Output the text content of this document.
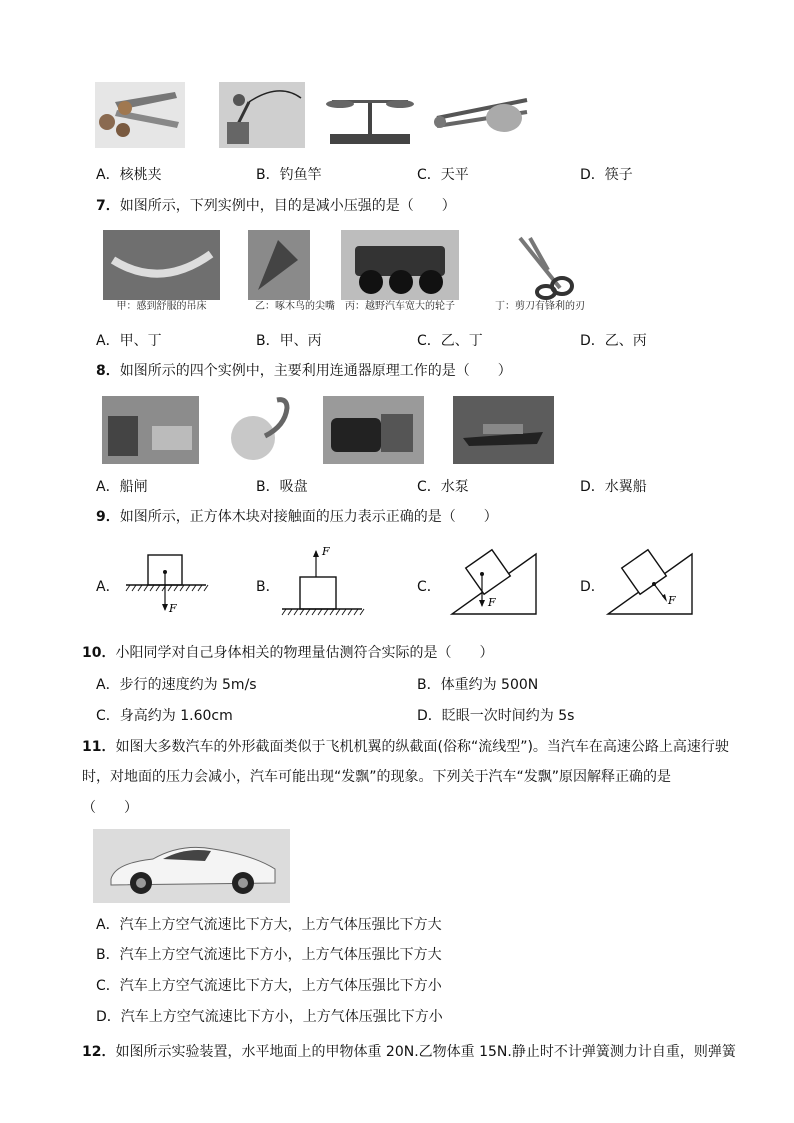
A．核桃夹	B．钓鱼竿	C．天平	D．筷子
7．如图所示，下列实例中，目的是减小压强的是（　　）
甲：感到舒服的吊床	乙：啄木鸟的尖嘴	丙：越野汽车宽大的轮子	丁：剪刀有锋利的刃
A．甲、丁	B．甲、丙	C．乙、丁	D．乙、丙
8．如图所示的四个实例中，主要利用连通器原理工作的是（　　）
A．船闸	B．吸盘	C．水泵	D．水翼船
9．如图所示，正方体木块对接触面的压力表示正确的是（　　）
A．
F
B．
F
C．
F
D．
F
10．小阳同学对自己身体相关的物理量估测符合实际的是（　　）
A．步行的速度约为 5m/s	B．体重约为 500N
C．身高约为 1.60cm	D．眨眼一次时间约为 5s
11．如图大多数汽车的外形截面类似于飞机机翼的纵截面(俗称“流线型”)。当汽车在高速公路上高速行驶
时，对地面的压力会减小，汽车可能出现“发飘”的现象。下列关于汽车“发飘”原因解释正确的是
（　　）
A．汽车上方空气流速比下方大，上方气体压强比下方大
B．汽车上方空气流速比下方小，上方气体压强比下方大
C．汽车上方空气流速比下方大，上方气体压强比下方小
D．汽车上方空气流速比下方小，上方气体压强比下方小
12．如图所示实验装置，水平地面上的甲物体重 20N.乙物体重 15N.静止时不计弹簧测力计自重，则弹簧
